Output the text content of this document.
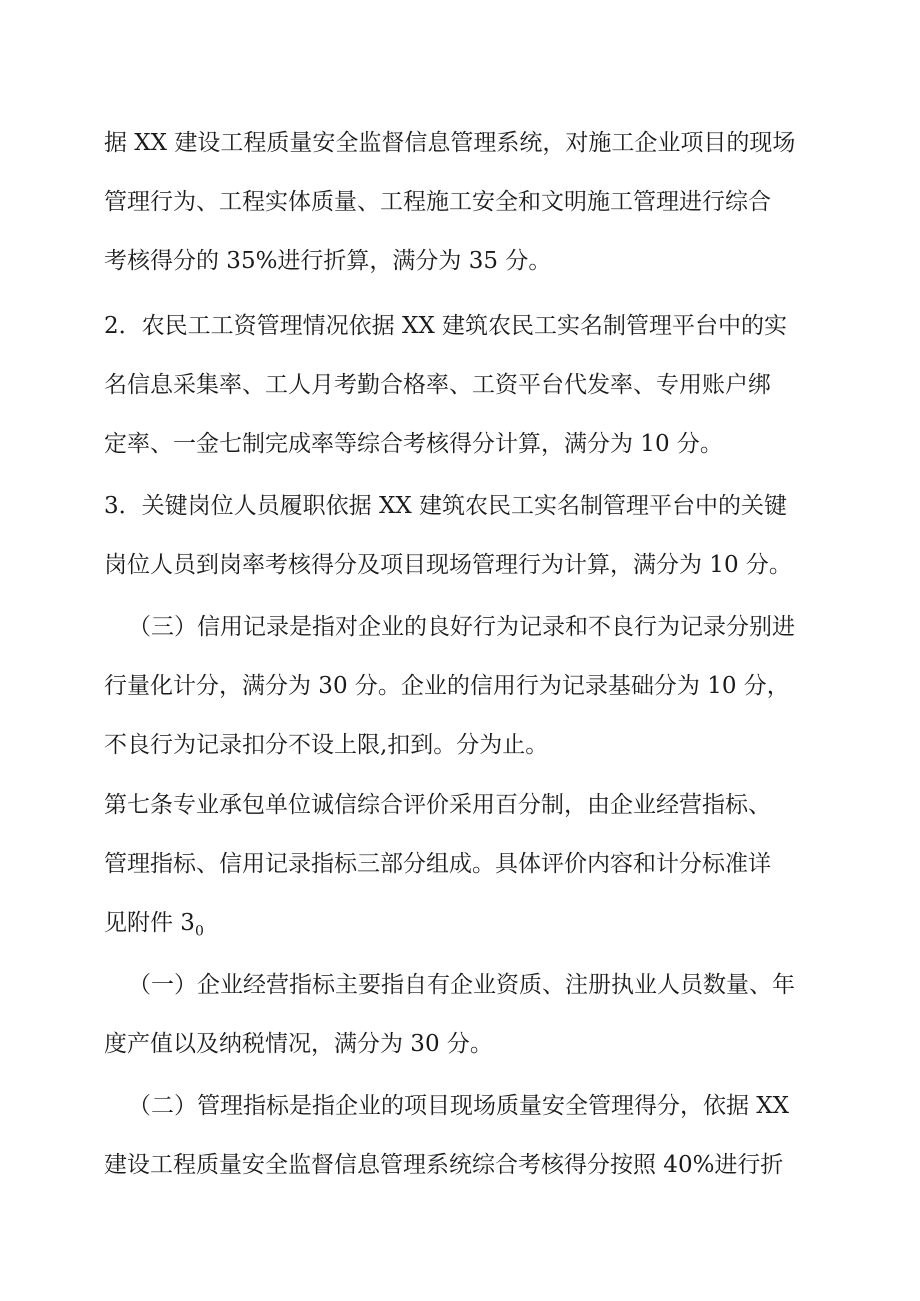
据 XX 建设工程质量安全监督信息管理系统，对施工企业项目的现场

管理行为、工程实体质量、工程施工安全和文明施工管理进行综合

考核得分的 35%进行折算，满分为 35 分。

2．农民工工资管理情况依据 XX 建筑农民工实名制管理平台中的实

名信息采集率、工人月考勤合格率、工资平台代发率、专用账户绑

定率、一金七制完成率等综合考核得分计算，满分为 10 分。

3．关键岗位人员履职依据 XX 建筑农民工实名制管理平台中的关键

岗位人员到岗率考核得分及项目现场管理行为计算，满分为 10 分。

（三）信用记录是指对企业的良好行为记录和不良行为记录分别进

行量化计分，满分为 30 分。企业的信用行为记录基础分为 10 分，

不良行为记录扣分不设上限,扣到。分为止。

第七条专业承包单位诚信综合评价采用百分制，由企业经营指标、

管理指标、信用记录指标三部分组成。具体评价内容和计分标准详

见附件 $3_0$

（一）企业经营指标主要指自有企业资质、注册执业人员数量、年

度产值以及纳税情况，满分为 30 分。

（二）管理指标是指企业的项目现场质量安全管理得分，依据 XX

建设工程质量安全监督信息管理系统综合考核得分按照 40%进行折
